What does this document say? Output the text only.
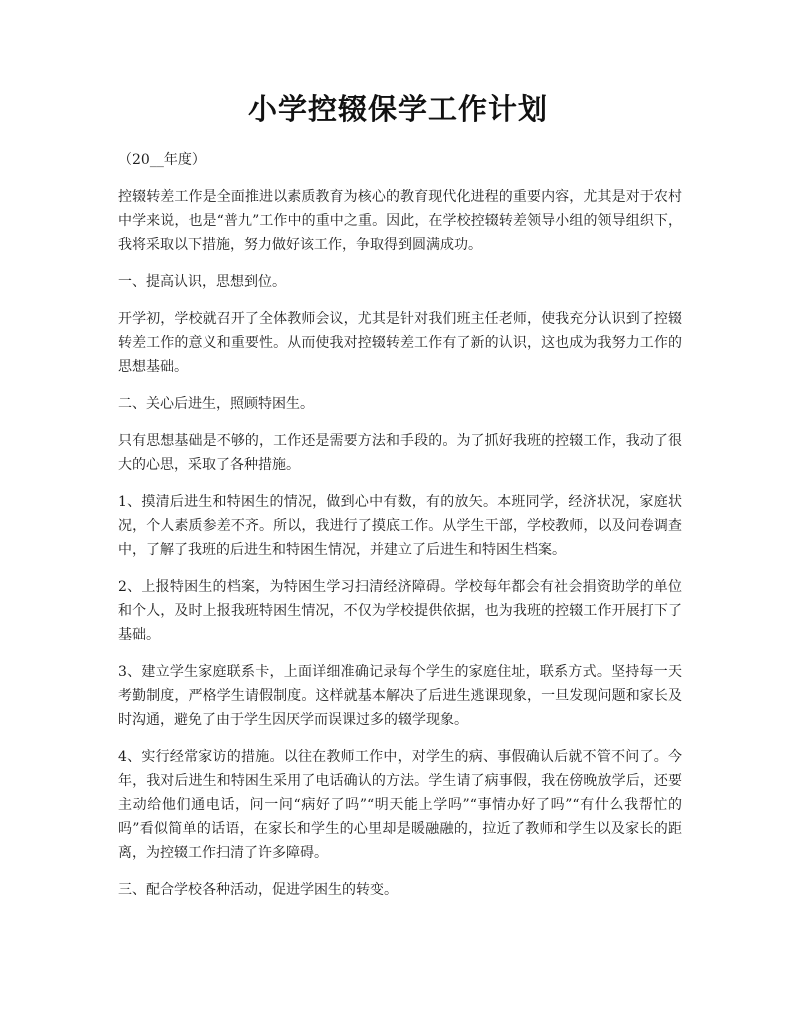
小学控辍保学工作计划

（20__年度）

控辍转差工作是全面推进以素质教育为核心的教育现代化进程的重要内容，尤其是对于农村中学来说，也是“普九”工作中的重中之重。因此，在学校控辍转差领导小组的领导组织下，我将采取以下措施，努力做好该工作，争取得到圆满成功。

一、提高认识，思想到位。

开学初，学校就召开了全体教师会议，尤其是针对我们班主任老师，使我充分认识到了控辍转差工作的意义和重要性。从而使我对控辍转差工作有了新的认识，这也成为我努力工作的思想基础。

二、关心后进生，照顾特困生。

只有思想基础是不够的，工作还是需要方法和手段的。为了抓好我班的控辍工作，我动了很大的心思，采取了各种措施。

1、摸清后进生和特困生的情况，做到心中有数，有的放矢。本班同学，经济状况，家庭状况，个人素质参差不齐。所以，我进行了摸底工作。从学生干部，学校教师，以及问卷调查中，了解了我班的后进生和特困生情况，并建立了后进生和特困生档案。

2、上报特困生的档案，为特困生学习扫清经济障碍。学校每年都会有社会捐资助学的单位和个人，及时上报我班特困生情况，不仅为学校提供依据，也为我班的控辍工作开展打下了基础。

3、建立学生家庭联系卡，上面详细准确记录每个学生的家庭住址，联系方式。坚持每一天考勤制度，严格学生请假制度。这样就基本解决了后进生逃课现象，一旦发现问题和家长及时沟通，避免了由于学生因厌学而误课过多的辍学现象。

4、实行经常家访的措施。以往在教师工作中，对学生的病、事假确认后就不管不问了。今年，我对后进生和特困生采用了电话确认的方法。学生请了病事假，我在傍晚放学后，还要主动给他们通电话，问一问“病好了吗”“明天能上学吗”“事情办好了吗”“有什么我帮忙的吗”看似简单的话语，在家长和学生的心里却是暖融融的，拉近了教师和学生以及家长的距离，为控辍工作扫清了许多障碍。

三、配合学校各种活动，促进学困生的转变。
